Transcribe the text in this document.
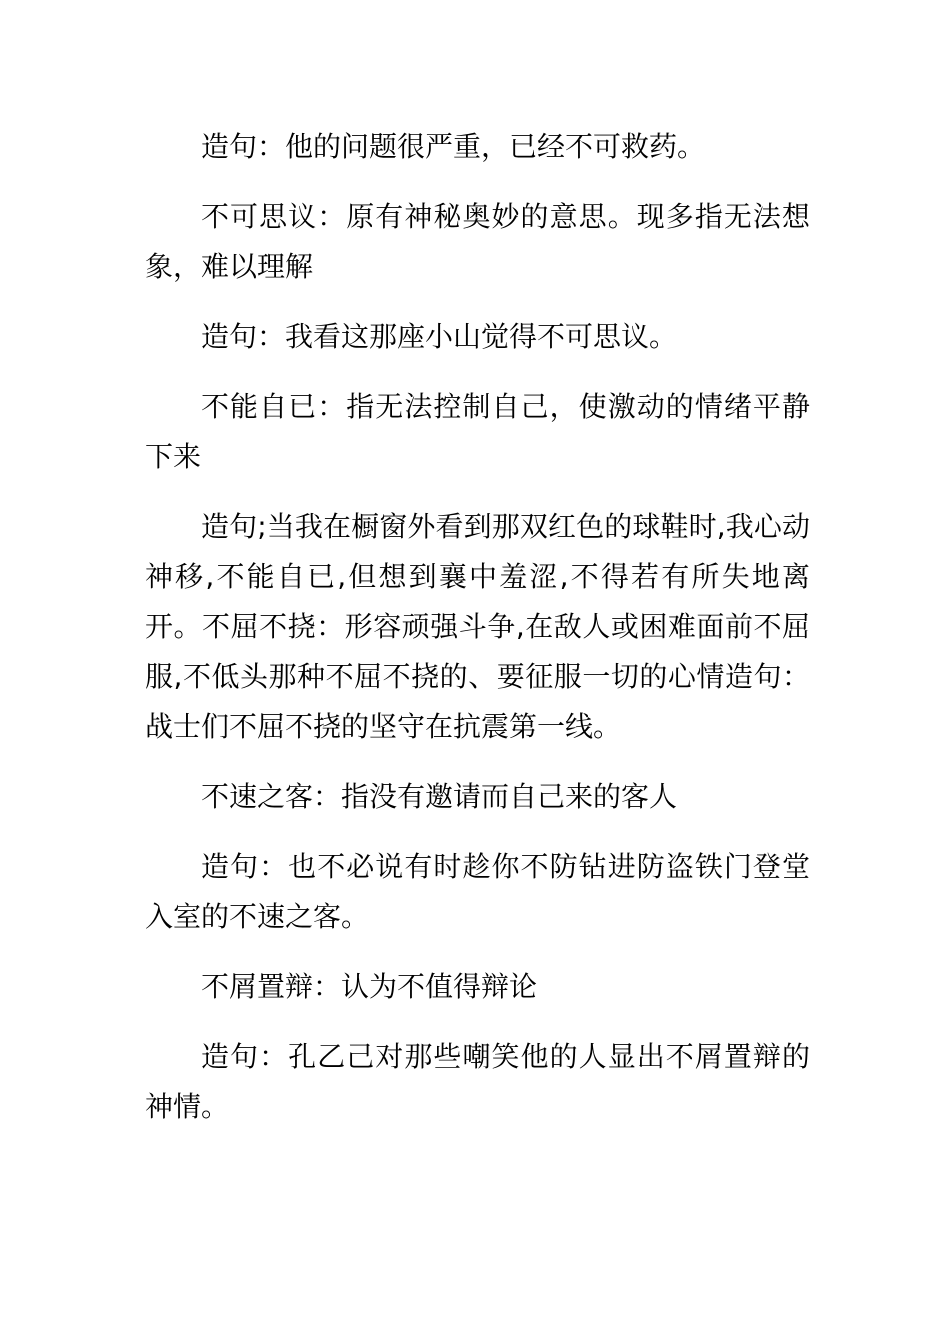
造句：他的问题很严重，已经不可救药。

不可思议：原有神秘奥妙的意思。现多指无法想象，难以理解

造句：我看这那座小山觉得不可思议。

不能自已：指无法控制自己，使激动的情绪平静下来

造句;当我在橱窗外看到那双红色的球鞋时,我心动神移,不能自已,但想到襄中羞涩,不得若有所失地离开。不屈不挠：形容顽强斗争,在敌人或困难面前不屈服,不低头那种不屈不挠的、要征服一切的心情造句：战士们不屈不挠的坚守在抗震第一线。

不速之客：指没有邀请而自己来的客人

造句：也不必说有时趁你不防钻进防盗铁门登堂入室的不速之客。

不屑置辩：认为不值得辩论

造句：孔乙己对那些嘲笑他的人显出不屑置辩的神情。
